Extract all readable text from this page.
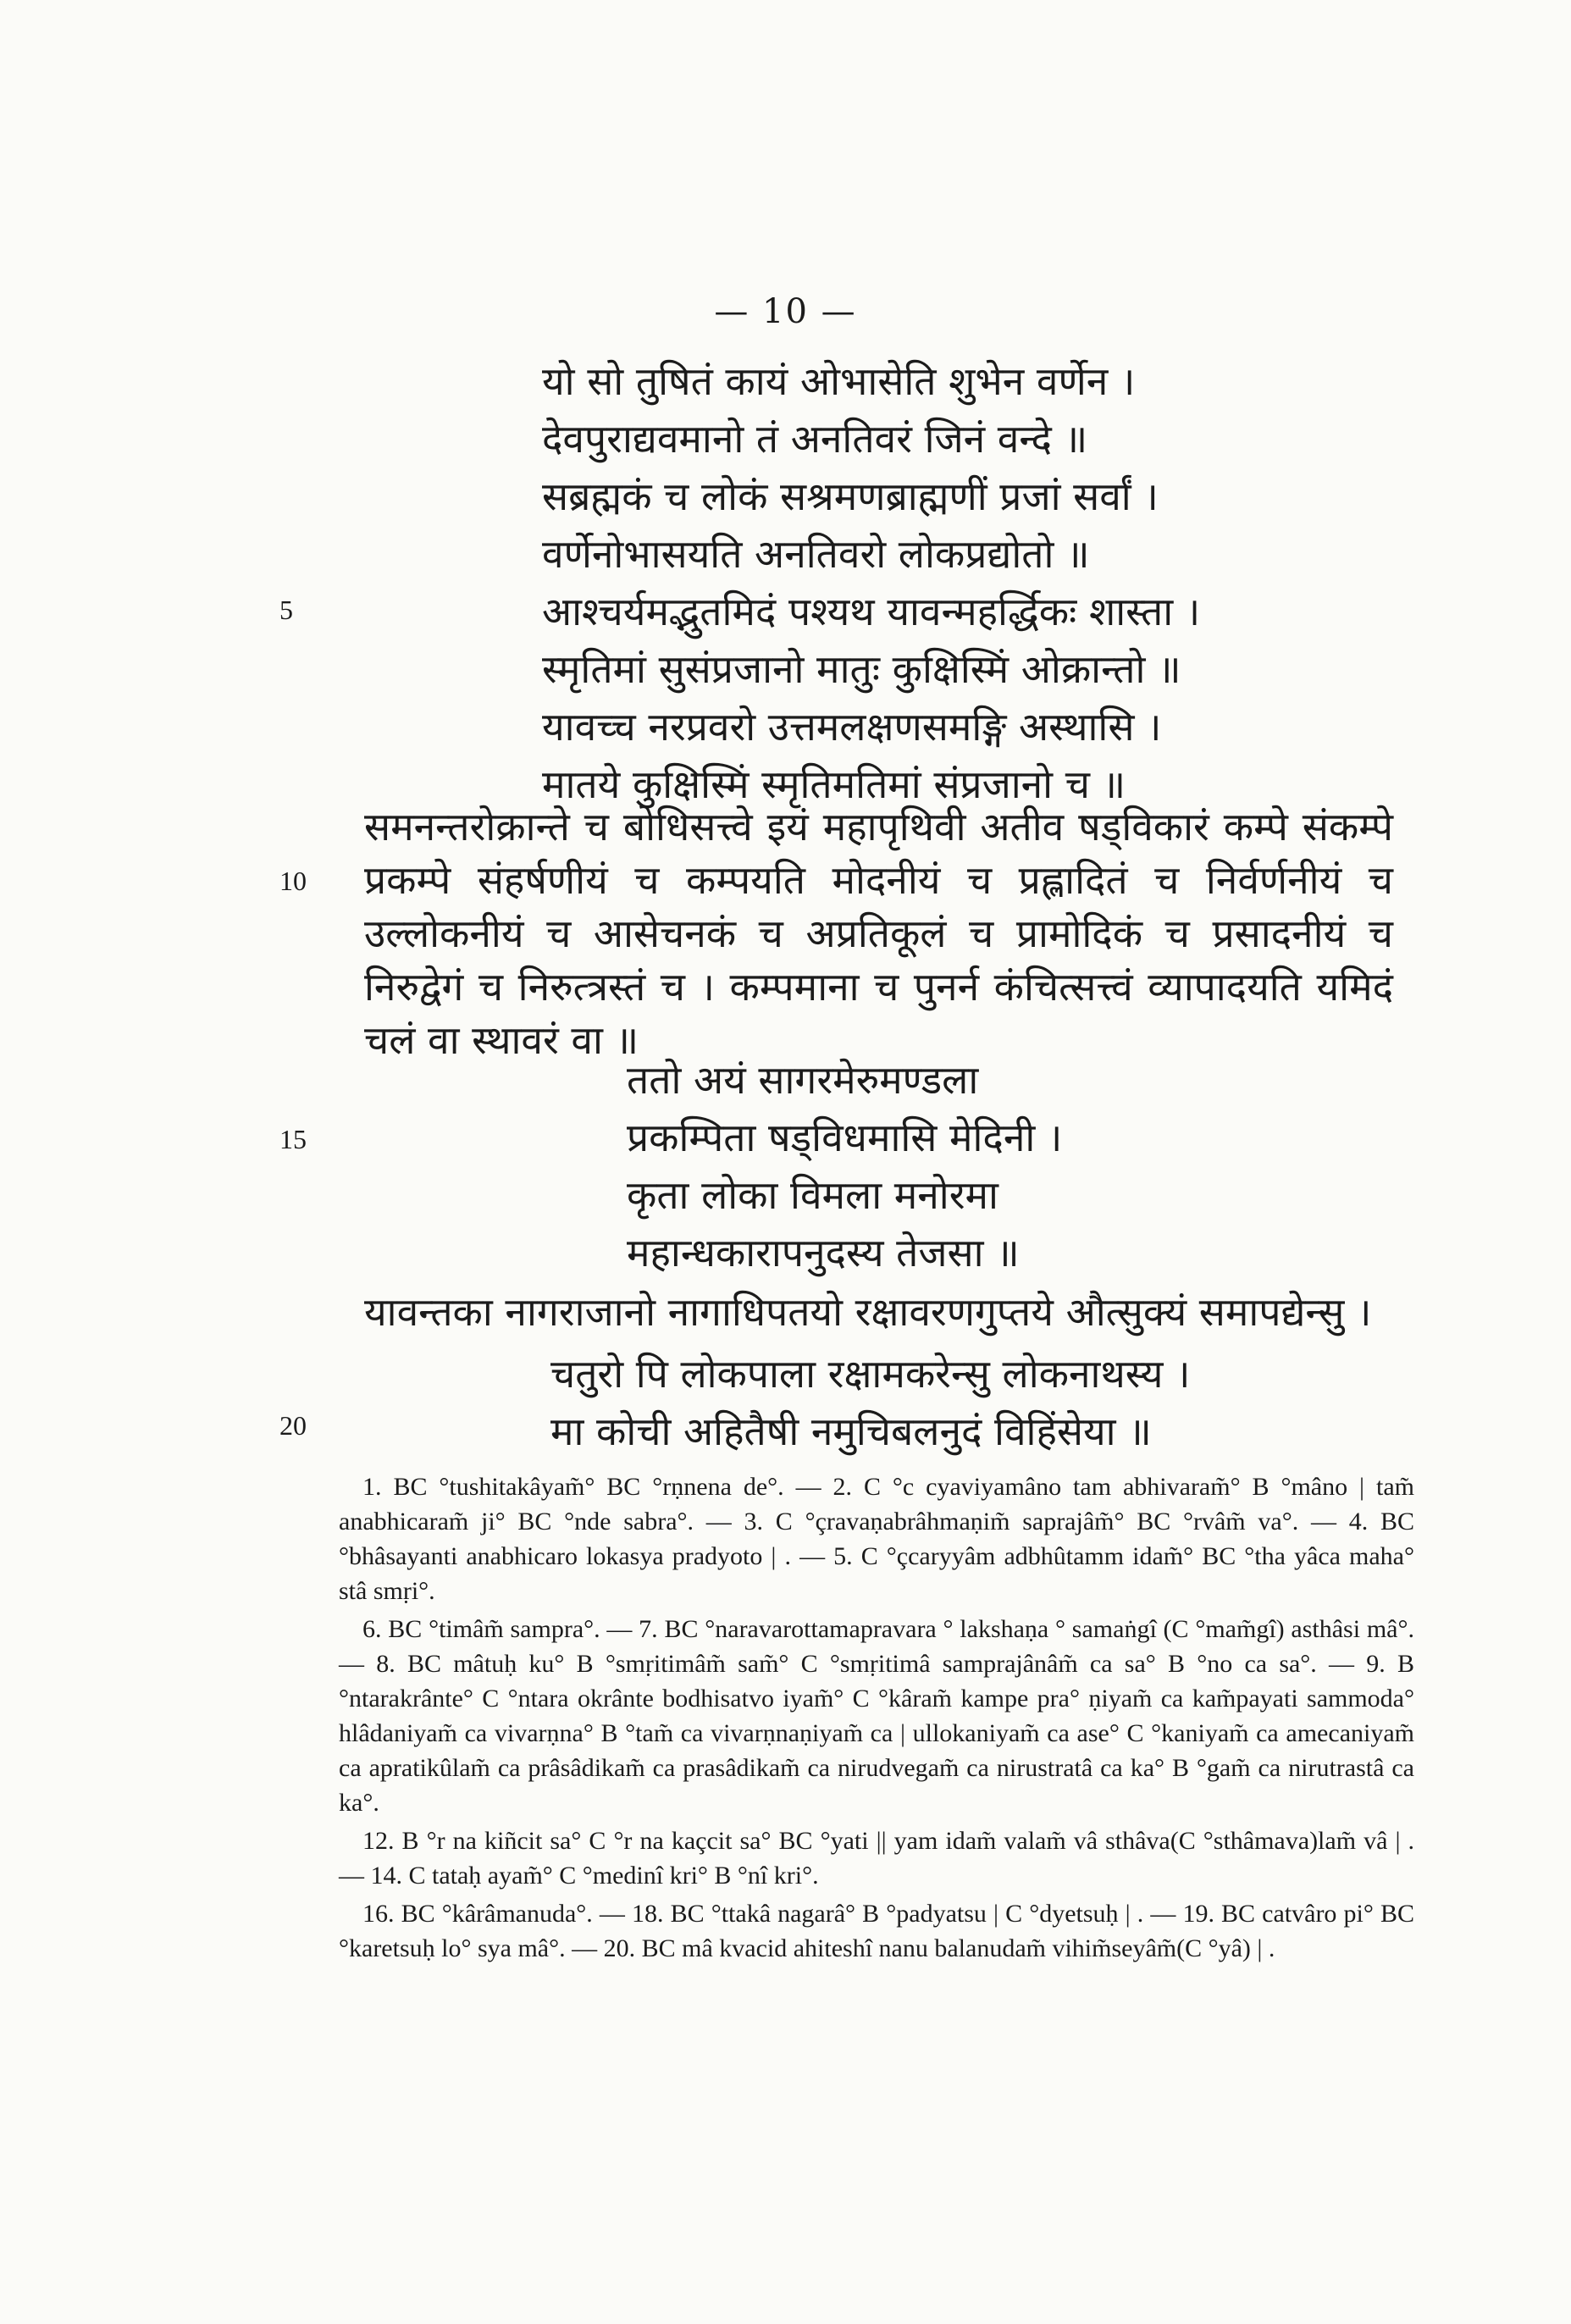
— 10 —
यो सो तुषितं कायं ओभासेति शुभेन वर्णेन ।
देवपुराद्यवमानो तं अनतिवरं जिनं वन्दे ॥
सब्रह्मकं च लोकं सश्रमणब्राह्मणीं प्रजां सर्वां ।
वर्णेनोभासयति अनतिवरो लोकप्रद्योतो ॥
आश्चर्यमद्भुतमिदं पश्यथ यावन्महर्द्धिकः शास्ता ।
स्मृतिमां सुसंप्रजानो मातुः कुक्षिस्मिं ओक्रान्तो ॥
यावच्च नरप्रवरो उत्तमलक्षणसमङ्गि अस्थासि ।
मातये कुक्षिस्मिं स्मृतिमतिमां संप्रजानो च ॥
समनन्तरोक्रान्ते च बोधिसत्त्वे इयं महापृथिवी अतीव षड्विकारं कम्पे संकम्पे प्रकम्पे संहर्षणीयं च कम्पयति मोदनीयं च प्रह्लादितं च निर्वर्णनीयं च उल्लोकनीयं च आसेचनकं च अप्रतिकूलं च प्रामोदिकं च प्रसादनीयं च निरुद्वेगं च निरुत्त्रस्तं च । कम्पमाना च पुनर्न कंचित्सत्त्वं व्यापादयति यमिदं चलं वा स्थावरं वा ॥
ततो अयं सागरमेरुमण्डला
प्रकम्पिता षड्विधमासि मेदिनी ।
कृता लोका विमला मनोरमा
महान्धकारापनुदस्य तेजसा ॥
यावन्तका नागराजानो नागाधिपतयो रक्षावरणगुप्तये औत्सुक्यं समापद्येन्सु ।
चतुरो पि लोकपाला रक्षामकरेन्सु लोकनाथस्य ।
मा कोची अहितैषी नमुचिबलनुदं विहिंसेया ॥
5
10
15
20

1. BC °tushitakâyam̃° BC °rṇnena de°. — 2. C °c cyaviyamâno tam abhivaram̃° B °mâno | tam̃ anabhicaram̃ ji° BC °nde sabra°. — 3. C °çravaṇabrâhmaṇim̃ saprajâm̃° BC °rvâm̃ va°. — 4. BC °bhâsayanti anabhicaro lokasya pradyoto | . — 5. C °çcaryyâm adbhûtamm idam̃° BC °tha yâca maha° stâ smṛi°.

6. BC °timâm̃ sampra°. — 7. BC °naravarottamapravara ° lakshaṇa ° samaṅgî (C °mam̃gî) asthâsi mâ°. — 8. BC mâtuḥ ku° B °smṛitimâm̃ sam̃° C °smṛitimâ samprajânâm̃ ca sa° B °no ca sa°. — 9. B °ntarakrânte° C °ntara okrânte bodhisatvo iyam̃° C °kâram̃ kampe pra° ṇiyam̃ ca kam̃payati sammoda° hlâdaniyam̃ ca vivarṇna° B °tam̃ ca vivarṇnaṇiyam̃ ca | ullokaniyam̃ ca ase° C °kaniyam̃ ca amecaniyam̃ ca apratikûlam̃ ca prâsâdikam̃ ca prasâdikam̃ ca nirudvegam̃ ca nirustratâ ca ka° B °gam̃ ca nirutrastâ ca ka°.

12. B °r na kiñcit sa° C °r na kaçcit sa° BC °yati || yam idam̃ valam̃ vâ sthâva(C °sthâmava)lam̃ vâ | . — 14. C tataḥ ayam̃° C °medinî kri° B °nî kri°.

16. BC °kârâmanuda°. — 18. BC °ttakâ nagarâ° B °padyatsu | C °dyetsuḥ | . — 19. BC catvâro pi° BC °karetsuḥ lo° sya mâ°. — 20. BC mâ kvacid ahiteshî nanu balanudam̃ vihim̃seyâm̃(C °yâ) | .
